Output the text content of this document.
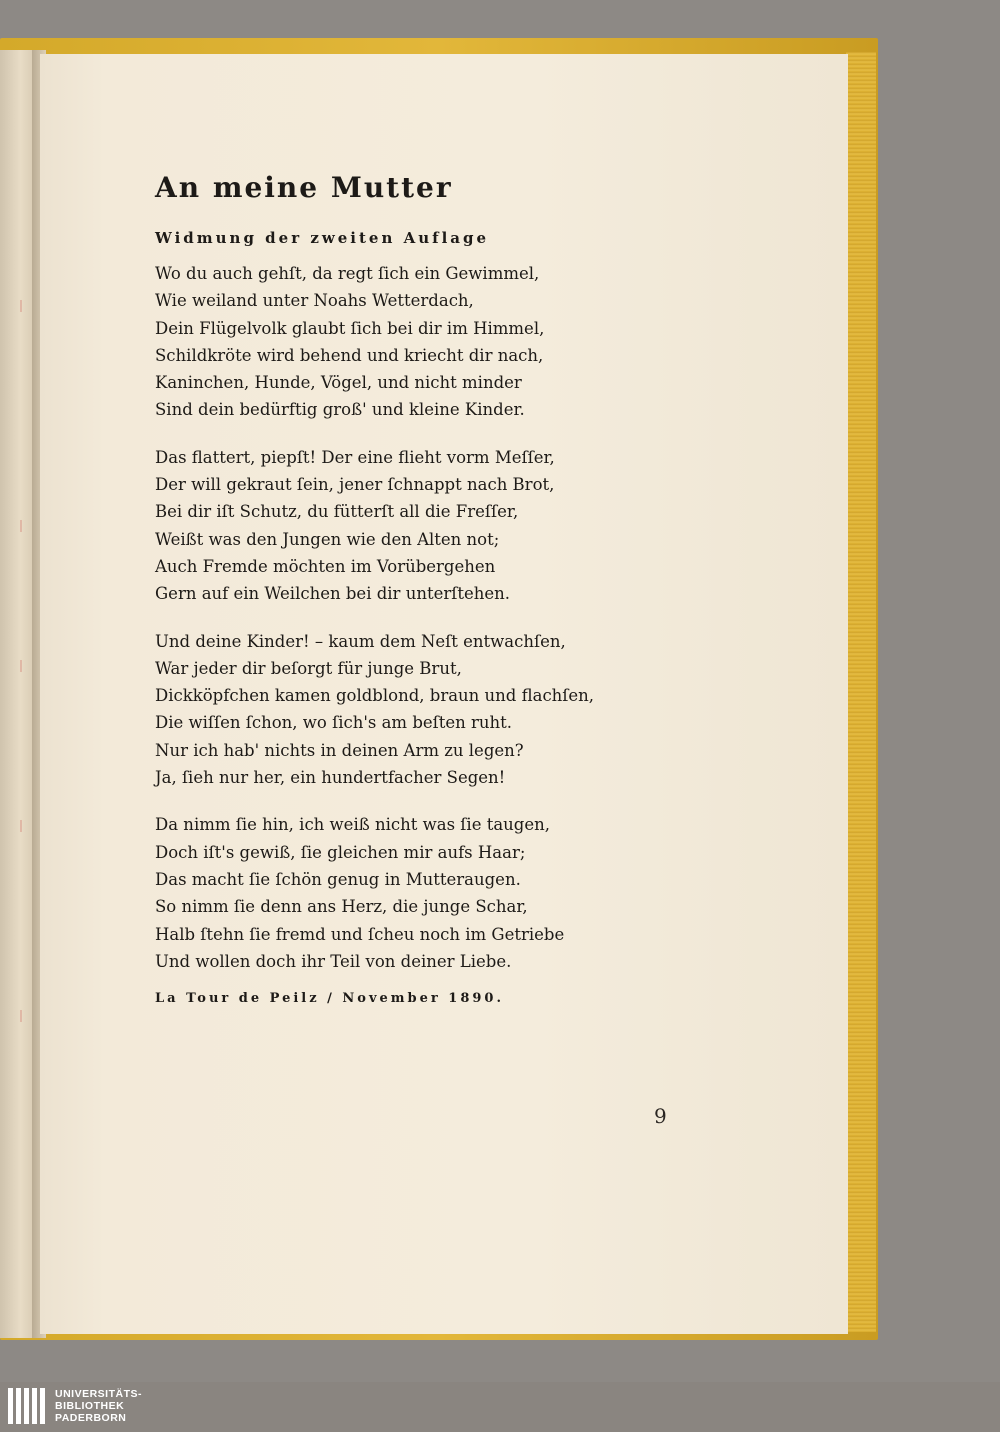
An meine Mutter
Widmung der zweiten Auflage
Wo du auch gehſt, da regt ſich ein Gewimmel,
Wie weiland unter Noahs Wetterdach,
Dein Flügelvolk glaubt ſich bei dir im Himmel,
Schildkröte wird behend und kriecht dir nach,
Kaninchen, Hunde, Vögel, und nicht minder
Sind dein bedürftig groß' und kleine Kinder.
Das flattert, piepſt! Der eine flieht vorm Meſſer,
Der will gekraut ſein, jener ſchnappt nach Brot,
Bei dir iſt Schutz, du fütterſt all die Freſſer,
Weißt was den Jungen wie den Alten not;
Auch Fremde möchten im Vorübergehen
Gern auf ein Weilchen bei dir unterſtehen.
Und deine Kinder! – kaum dem Neſt entwachſen,
War jeder dir beſorgt für junge Brut,
Dickköpfchen kamen goldblond, braun und flachſen,
Die wiſſen ſchon, wo ſich's am beſten ruht.
Nur ich hab' nichts in deinen Arm zu legen?
Ja, ſieh nur her, ein hundertfacher Segen!
Da nimm ſie hin, ich weiß nicht was ſie taugen,
Doch iſt's gewiß, ſie gleichen mir aufs Haar;
Das macht ſie ſchön genug in Mutteraugen.
So nimm ſie denn ans Herz, die junge Schar,
Halb ſtehn ſie fremd und ſcheu noch im Getriebe
Und wollen doch ihr Teil von deiner Liebe.
La Tour de Peilz / November 1890.
9
UNIVERSITÄTS-
BIBLIOTHEK
PADERBORN
